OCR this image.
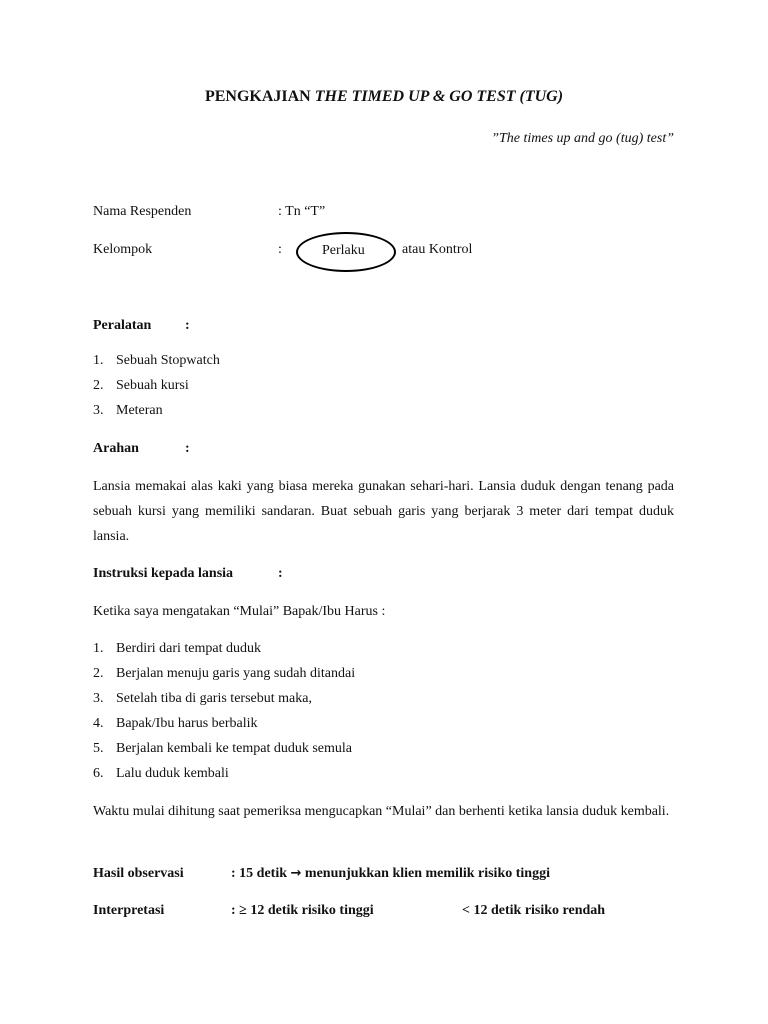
PENGKAJIAN THE TIMED UP & GO TEST (TUG)
”The times up and go (tug) test”
Nama Respenden	: Tn “T”
Kelompok	:	Perlaku	atau Kontrol
Peralatan :
1. Sebuah Stopwatch
2. Sebuah kursi
3. Meteran
Arahan	:
Lansia memakai alas kaki yang biasa mereka gunakan sehari-hari. Lansia duduk dengan tenang pada sebuah kursi yang memiliki sandaran. Buat sebuah garis yang berjarak 3 meter dari tempat duduk lansia.
Instruksi kepada lansia	:
Ketika saya mengatakan “Mulai” Bapak/Ibu Harus :
1. Berdiri dari tempat duduk
2. Berjalan menuju garis yang sudah ditandai
3. Setelah tiba di garis tersebut maka,
4. Bapak/Ibu harus berbalik
5. Berjalan kembali ke tempat duduk semula
6. Lalu duduk kembali
Waktu mulai dihitung saat pemeriksa mengucapkan “Mulai” dan berhenti ketika lansia duduk kembali.
Hasil observasi	: 15 detik → menunjukkan klien memilik risiko tinggi
Interpretasi	: ≥ 12 detik risiko tinggi	< 12 detik risiko rendah
